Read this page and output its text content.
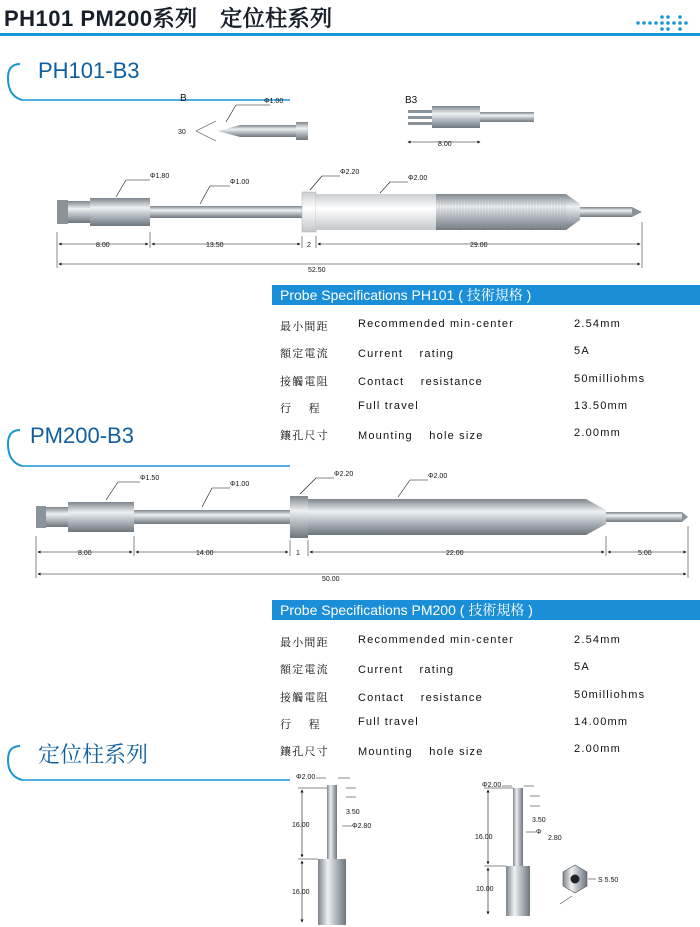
PH101 PM200系列　定位柱系列
PH101-B3
PM200-B3
定位柱系列
B	Φ1.00
30
B3
8.00
Φ1.80
Φ1.00
Φ2.20
Φ2.00
8.00	13.50	2	29.00
52.50
Φ1.50
Φ1.00
Φ2.20	Φ2.00
8.00	14.00	1	22.00	5.00
50.00
16.00
16.00
Φ2.00
3.50
Φ2.80
16.00
10.00
Φ2.00
3.50
Φ
2.80
S 5.50
Probe Specifications PH101 ( 技術規格 )
最小間距	Recommended min-center	2.54mm
額定電流	Current　 rating	5A
接觸電阻	Contact　 resistance	50milliohms
行　 程	Full travel	13.50mm
鑲孔尺寸	Mounting　 hole size	2.00mm
Probe Specifications PM200 ( 技術規格 )
最小間距	Recommended min-center	2.54mm
額定電流	Current　 rating	5A
接觸電阻	Contact　 resistance	50milliohms
行　 程	Full travel	14.00mm
鑲孔尺寸	Mounting　 hole size	2.00mm
